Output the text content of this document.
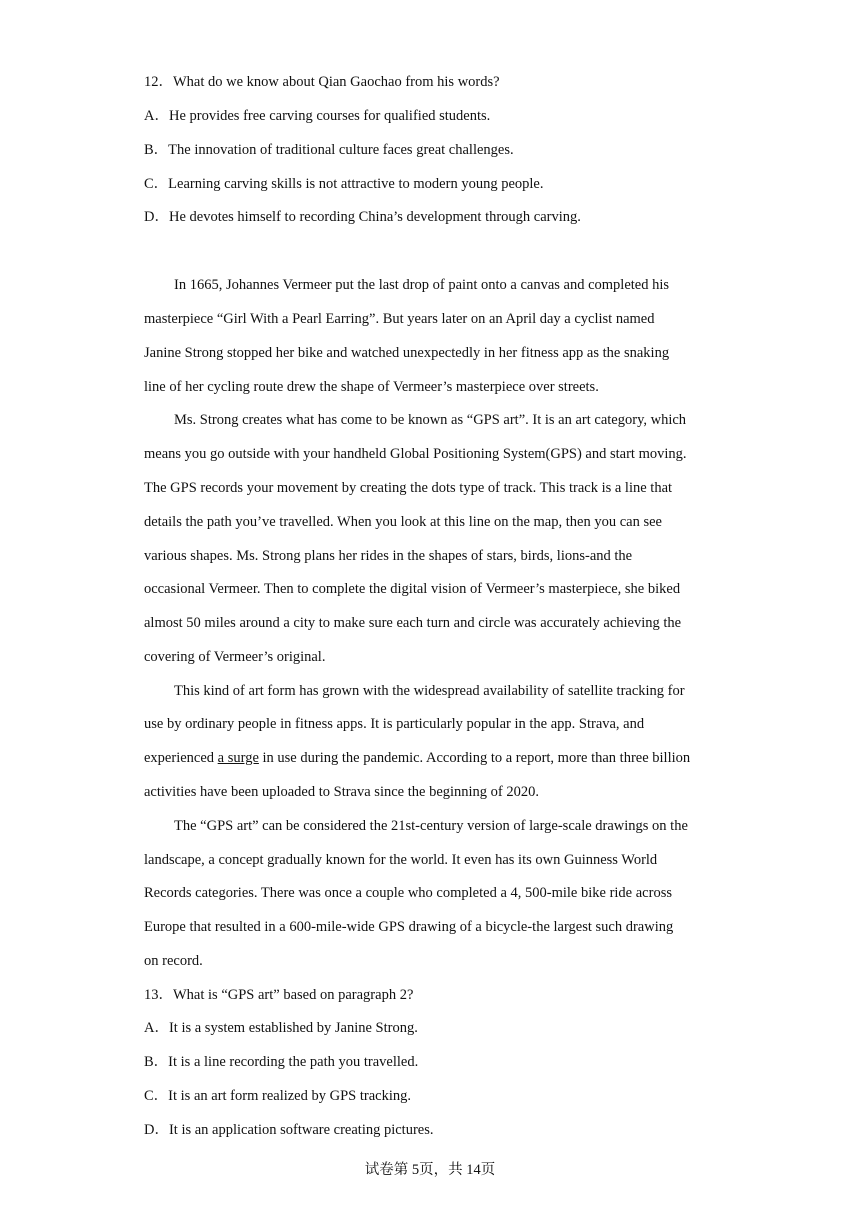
12．What do we know about Qian Gaochao from his words?
A．He provides free carving courses for qualified students.
B．The innovation of traditional culture faces great challenges.
C．Learning carving skills is not attractive to modern young people.
D．He devotes himself to recording China’s development through carving.
In 1665, Johannes Vermeer put the last drop of paint onto a canvas and completed his
masterpiece “Girl With a Pearl Earring”. But years later on an April day a cyclist named
Janine Strong stopped her bike and watched unexpectedly in her fitness app as the snaking
line of her cycling route drew the shape of Vermeer’s masterpiece over streets.
Ms. Strong creates what has come to be known as “GPS art”. It is an art category, which
means you go outside with your handheld Global Positioning System(GPS) and start moving.
The GPS records your movement by creating the dots type of track. This track is a line that
details the path you’ve travelled. When you look at this line on the map, then you can see
various shapes. Ms. Strong plans her rides in the shapes of stars, birds, lions-and the
occasional Vermeer. Then to complete the digital vision of Vermeer’s masterpiece, she biked
almost 50 miles around a city to make sure each turn and circle was accurately achieving the
covering of Vermeer’s original.
This kind of art form has grown with the widespread availability of satellite tracking for
use by ordinary people in fitness apps. It is particularly popular in the app. Strava, and
experienced a surge in use during the pandemic. According to a report, more than three billion
activities have been uploaded to Strava since the beginning of 2020.
The “GPS art” can be considered the 21st-century version of large-scale drawings on the
landscape, a concept gradually known for the world. It even has its own Guinness World
Records categories. There was once a couple who completed a 4, 500-mile bike ride across
Europe that resulted in a 600-mile-wide GPS drawing of a bicycle-the largest such drawing
on record.
13．What is “GPS art” based on paragraph 2?
A．It is a system established by Janine Strong.
B．It is a line recording the path you travelled.
C．It is an art form realized by GPS tracking.
D．It is an application software creating pictures.
试卷第 5页，共 14页
